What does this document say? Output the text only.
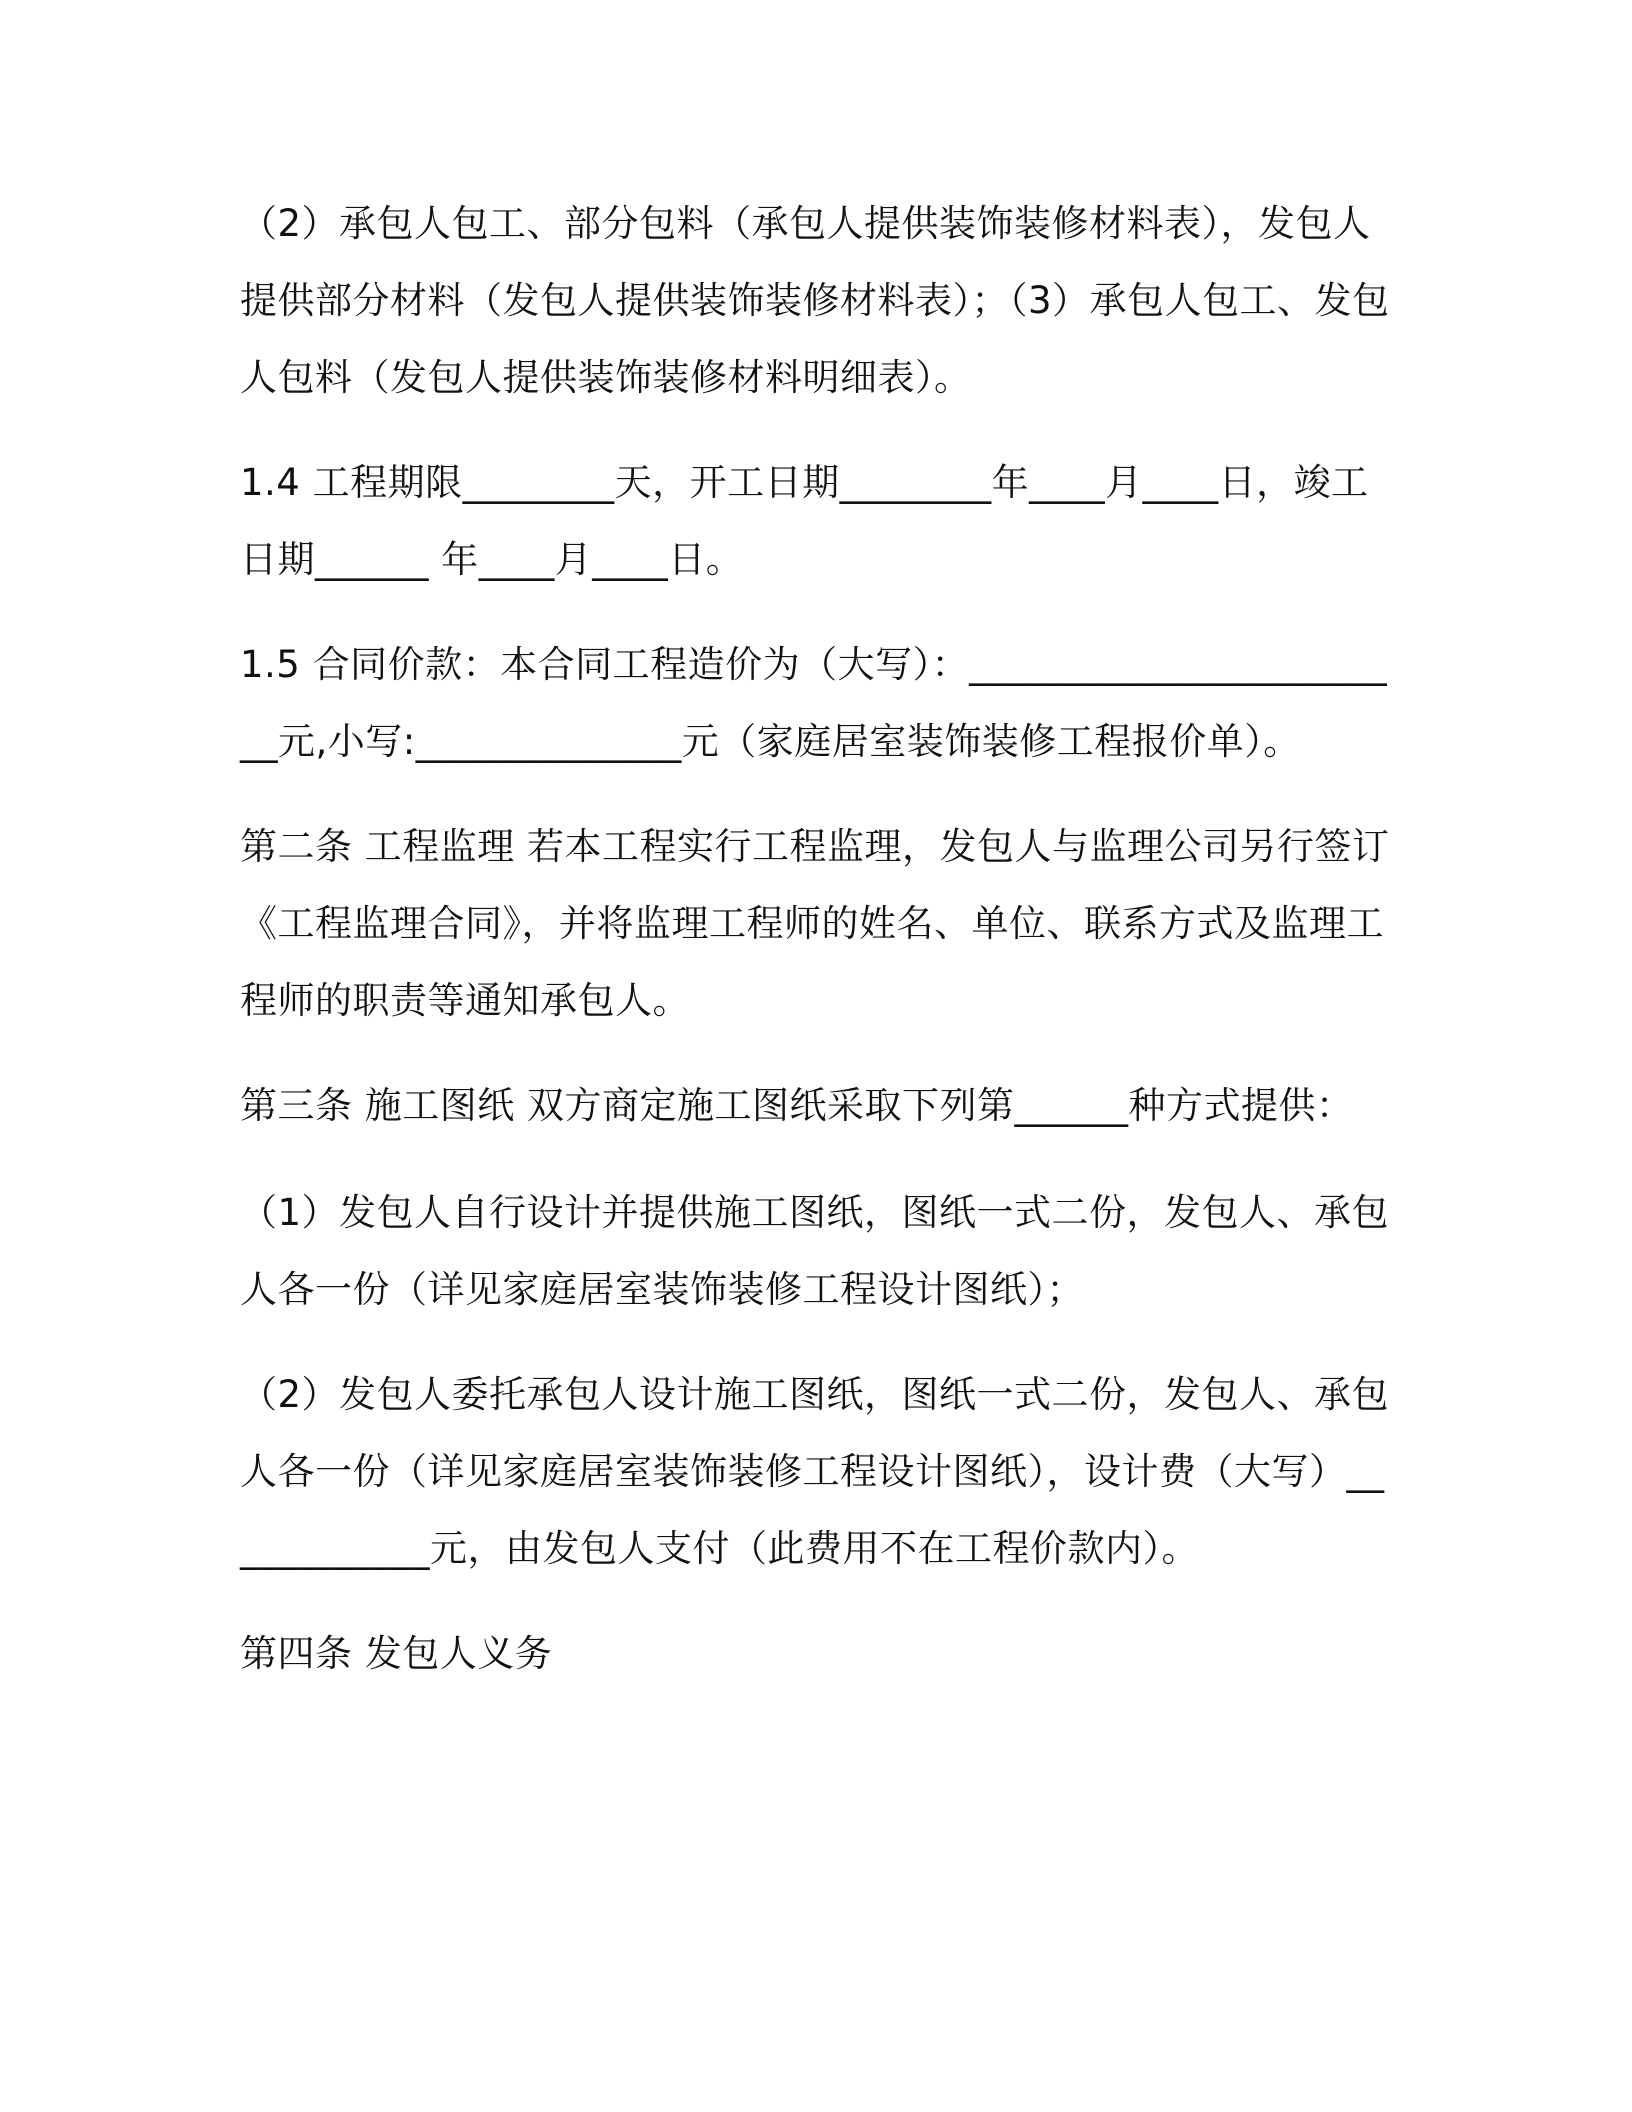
（2）承包人包工、部分包料（承包人提供装饰装修材料表），发包人提供部分材料（发包人提供装饰装修材料表）；（3）承包人包工、发包人包料（发包人提供装饰装修材料明细表）。

1.4 工程期限________天，开工日期________年____月____日，竣工日期______ 年____月____日。

1.5 合同价款：本合同工程造价为（大写）：________________________元,小写:______________元（家庭居室装饰装修工程报价单）。

第二条 工程监理 若本工程实行工程监理，发包人与监理公司另行签订《工程监理合同》，并将监理工程师的姓名、单位、联系方式及监理工程师的职责等通知承包人。

第三条 施工图纸 双方商定施工图纸采取下列第______种方式提供：

（1）发包人自行设计并提供施工图纸，图纸一式二份，发包人、承包人各一份（详见家庭居室装饰装修工程设计图纸）；

（2）发包人委托承包人设计施工图纸，图纸一式二份，发包人、承包人各一份（详见家庭居室装饰装修工程设计图纸），设计费（大写）____________元，由发包人支付（此费用不在工程价款内）。

第四条 发包人义务
